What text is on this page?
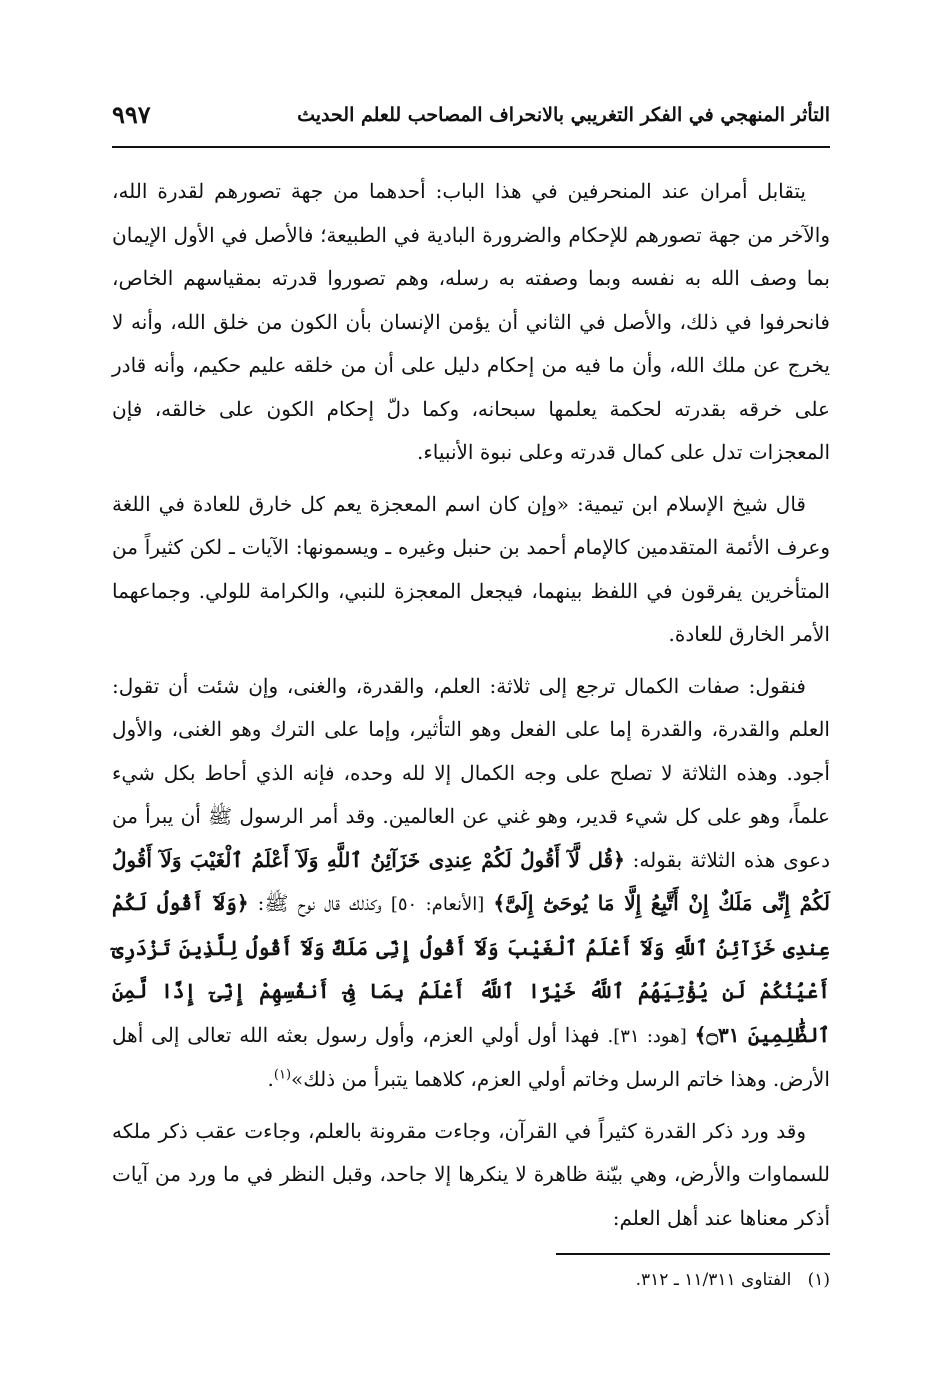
التأثر المنهجي في الفكر التغريبي بالانحراف المصاحب للعلم الحديث
٩٩٧

يتقابل أمران عند المنحرفين في هذا الباب: أحدهما من جهة تصورهم لقدرة الله، والآخر من جهة تصورهم للإحكام والضرورة البادية في الطبيعة؛ فالأصل في الأول الإيمان بما وصف الله به نفسه وبما وصفته به رسله، وهم تصوروا قدرته بمقياسهم الخاص، فانحرفوا في ذلك، والأصل في الثاني أن يؤمن الإنسان بأن الكون من خلق الله، وأنه لا يخرج عن ملك الله، وأن ما فيه من إحكام دليل على أن من خلقه عليم حكيم، وأنه قادر على خرقه بقدرته لحكمة يعلمها سبحانه، وكما دلّ إحكام الكون على خالقه، فإن المعجزات تدل على كمال قدرته وعلى نبوة الأنبياء.

قال شيخ الإسلام ابن تيمية: «وإن كان اسم المعجزة يعم كل خارق للعادة في اللغة وعرف الأئمة المتقدمين كالإمام أحمد بن حنبل وغيره ـ ويسمونها: الآيات ـ لكن كثيراً من المتأخرين يفرقون في اللفظ بينهما، فيجعل المعجزة للنبي، والكرامة للولي. وجماعهما الأمر الخارق للعادة.

فنقول: صفات الكمال ترجع إلى ثلاثة: العلم، والقدرة، والغنى، وإن شئت أن تقول: العلم والقدرة، والقدرة إما على الفعل وهو التأثير، وإما على الترك وهو الغنى، والأول أجود. وهذه الثلاثة لا تصلح على وجه الكمال إلا لله وحده، فإنه الذي أحاط بكل شيء علماً، وهو على كل شيء قدير، وهو غني عن العالمين. وقد أمر الرسول ﷺ أن يبرأ من دعوى هذه الثلاثة بقوله: ﴿قُل لَّآ أَقُولُ لَكُمْ عِندِى خَزَآئِنُ ٱللَّهِ وَلَآ أَعْلَمُ ٱلْغَيْبَ وَلَآ أَقُولُ لَكُمْ إِنِّى مَلَكٌ إِنْ أَتَّبِعُ إِلَّا مَا يُوحَىٰٓ إِلَىَّ﴾ [الأنعام: ٥٠] وكذلك قال نوح ﷺ: ﴿وَلَآ أَقُولُ لَكُمْ عِندِى خَزَآئِنُ ٱللَّهِ وَلَآ أَعْلَمُ ٱلْغَيْبَ وَلَآ أَقُولُ إِنِّى مَلَكٌ وَلَآ أَقُولُ لِلَّذِينَ تَزْدَرِىٓ أَعْيُنُكُمْ لَن يُؤْتِيَهُمُ ٱللَّهُ خَيْرًا ٱللَّهُ أَعْلَمُ بِمَا فِىٓ أَنفُسِهِمْ إِنِّىٓ إِذًا لَّمِنَ ٱلظَّٰلِمِينَ ۝٣١﴾ [هود: ٣١]. فهذا أول أولي العزم، وأول رسول بعثه الله تعالى إلى أهل الأرض. وهذا خاتم الرسل وخاتم أولي العزم، كلاهما يتبرأ من ذلك»$^{(١)}$.

وقد ورد ذكر القدرة كثيراً في القرآن، وجاءت مقرونة بالعلم، وجاءت عقب ذكر ملكه للسماوات والأرض، وهي بيّنة ظاهرة لا ينكرها إلا جاحد، وقبل النظر في ما ورد من آيات أذكر معناها عند أهل العلم:

(١)   الفتاوى ١١/٣١١ ـ ٣١٢.
